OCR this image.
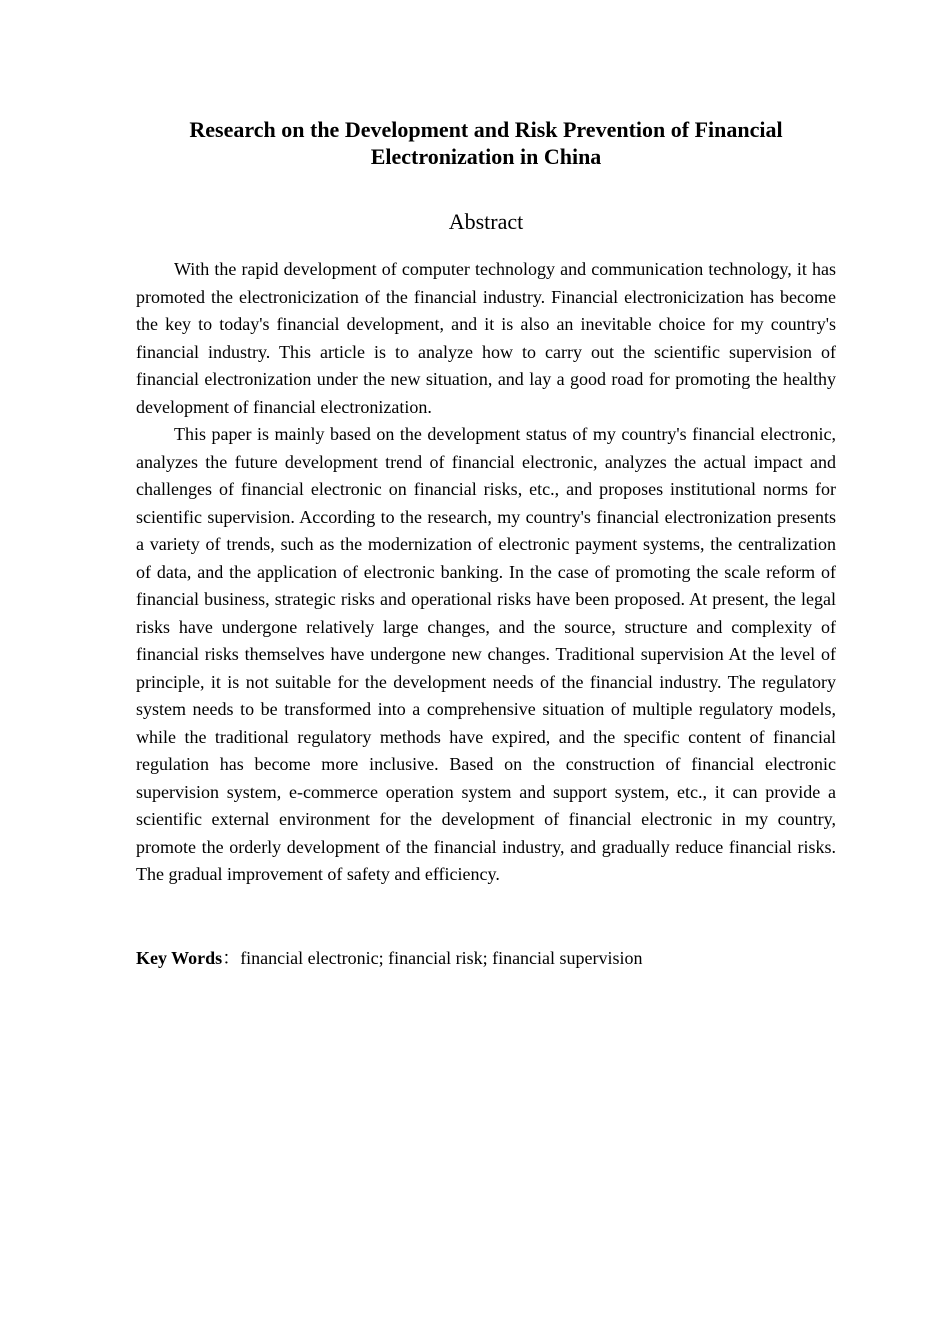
Research on the Development and Risk Prevention of Financial
Electronization in China
Abstract

With the rapid development of computer technology and communication technology, it has promoted the electronicization of the financial industry. Financial electronicization has become the key to today's financial development, and it is also an inevitable choice for my country's financial industry. This article is to analyze how to carry out the scientific supervision of financial electronization under the new situation, and lay a good road for promoting the healthy development of financial electronization.

This paper is mainly based on the development status of my country's financial electronic, analyzes the future development trend of financial electronic, analyzes the actual impact and challenges of financial electronic on financial risks, etc., and proposes institutional norms for scientific supervision. According to the research, my country's financial electronization presents a variety of trends, such as the modernization of electronic payment systems, the centralization of data, and the application of electronic banking. In the case of promoting the scale reform of financial business, strategic risks and operational risks have been proposed. At present, the legal risks have undergone relatively large changes, and the source, structure and complexity of financial risks themselves have undergone new changes. Traditional supervision At the level of principle, it is not suitable for the development needs of the financial industry. The regulatory system needs to be transformed into a comprehensive situation of multiple regulatory models, while the traditional regulatory methods have expired, and the specific content of financial regulation has become more inclusive. Based on the construction of financial electronic supervision system, e-commerce operation system and support system, etc., it can provide a scientific external environment for the development of financial electronic in my country, promote the orderly development of the financial industry, and gradually reduce financial risks. The gradual improvement of safety and efficiency.

Key Words：financial electronic; financial risk; financial supervision
